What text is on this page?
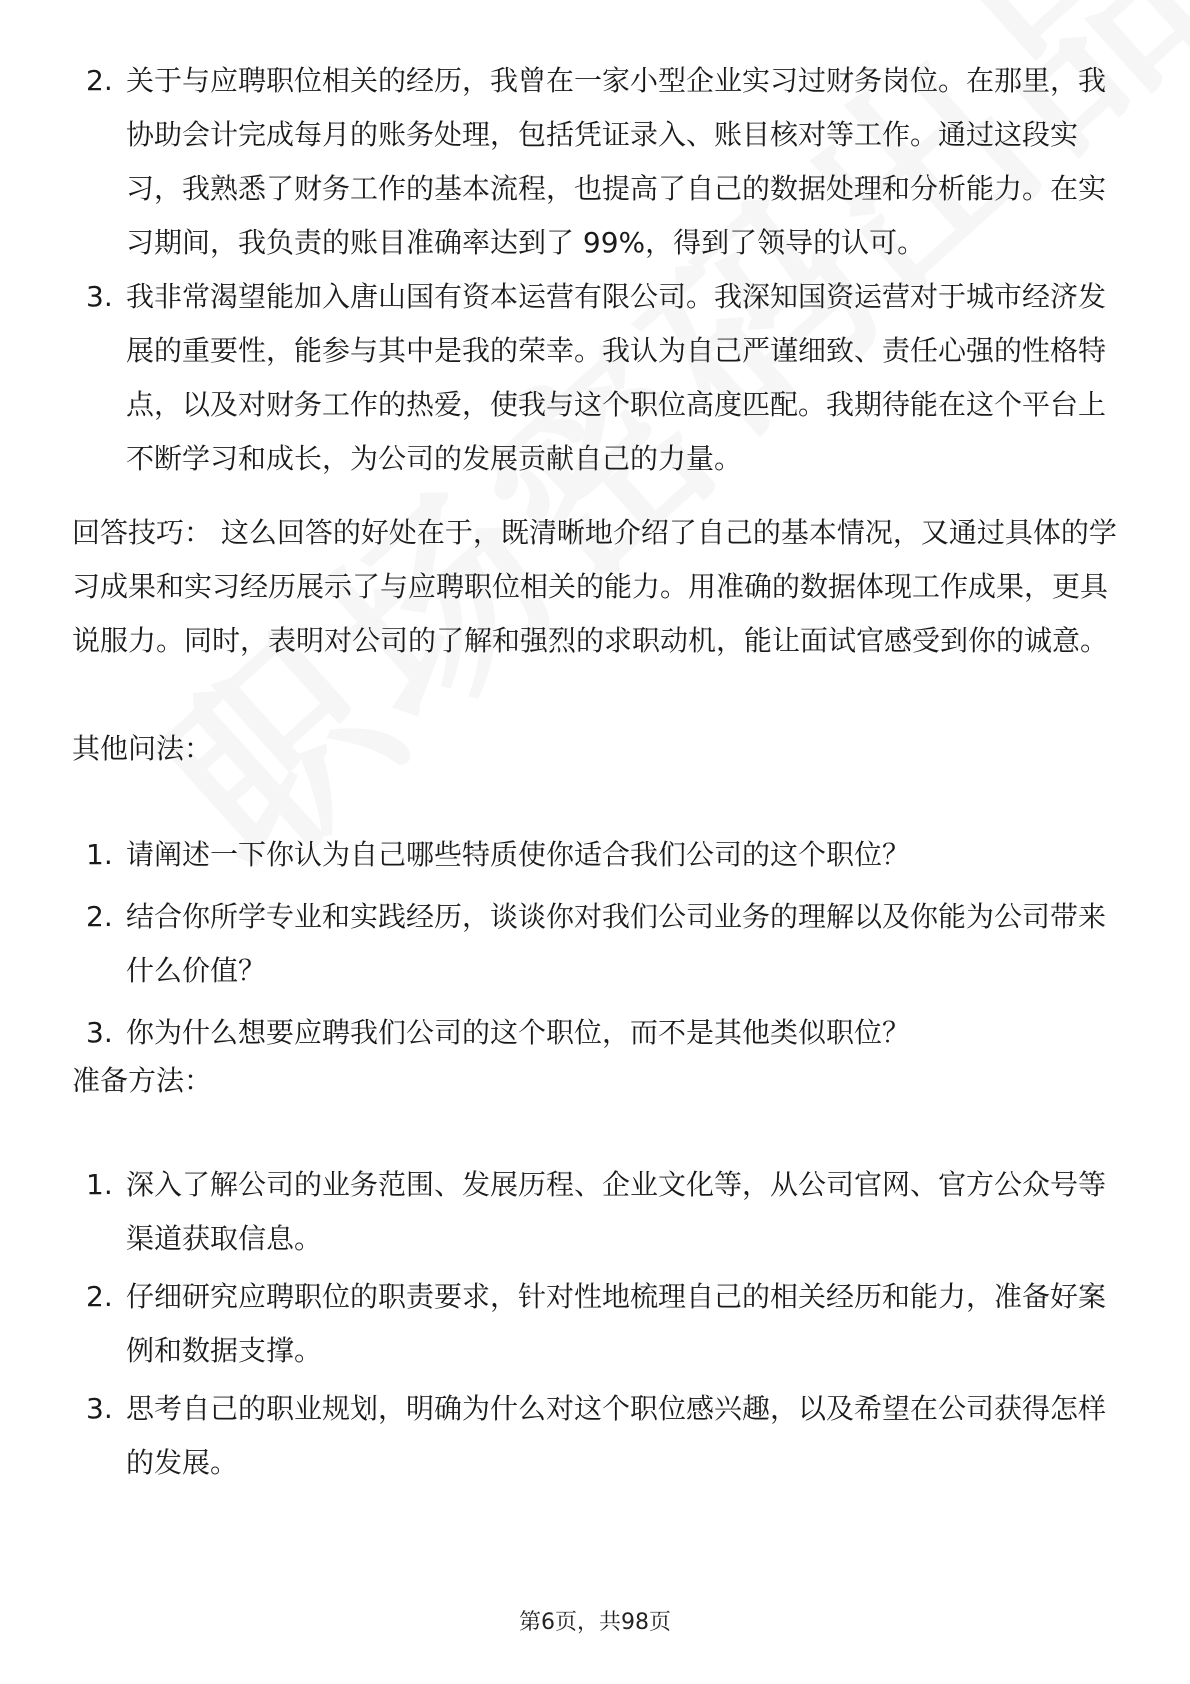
2. 关于与应聘职位相关的经历，我曾在一家小型企业实习过财务岗位。在那里，我协助会计完成每月的账务处理，包括凭证录入、账目核对等工作。通过这段实习，我熟悉了财务工作的基本流程，也提高了自己的数据处理和分析能力。在实习期间，我负责的账目准确率达到了 99%，得到了领导的认可。
3. 我非常渴望能加入唐山国有资本运营有限公司。我深知国资运营对于城市经济发展的重要性，能参与其中是我的荣幸。我认为自己严谨细致、责任心强的性格特点，以及对财务工作的热爱，使我与这个职位高度匹配。我期待能在这个平台上不断学习和成长，为公司的发展贡献自己的力量。

回答技巧： 这么回答的好处在于，既清晰地介绍了自己的基本情况，又通过具体的学习成果和实习经历展示了与应聘职位相关的能力。用准确的数据体现工作成果，更具说服力。同时，表明对公司的了解和强烈的求职动机，能让面试官感受到你的诚意。

其他问法：

1. 请阐述一下你认为自己哪些特质使你适合我们公司的这个职位？
2. 结合你所学专业和实践经历，谈谈你对我们公司业务的理解以及你能为公司带来什么价值？
3. 你为什么想要应聘我们公司的这个职位，而不是其他类似职位？

准备方法：

1. 深入了解公司的业务范围、发展历程、企业文化等，从公司官网、官方公众号等渠道获取信息。
2. 仔细研究应聘职位的职责要求，针对性地梳理自己的相关经历和能力，准备好案例和数据支撑。
3. 思考自己的职业规划，明确为什么对这个职位感兴趣，以及希望在公司获得怎样的发展。
第6页，共98页
